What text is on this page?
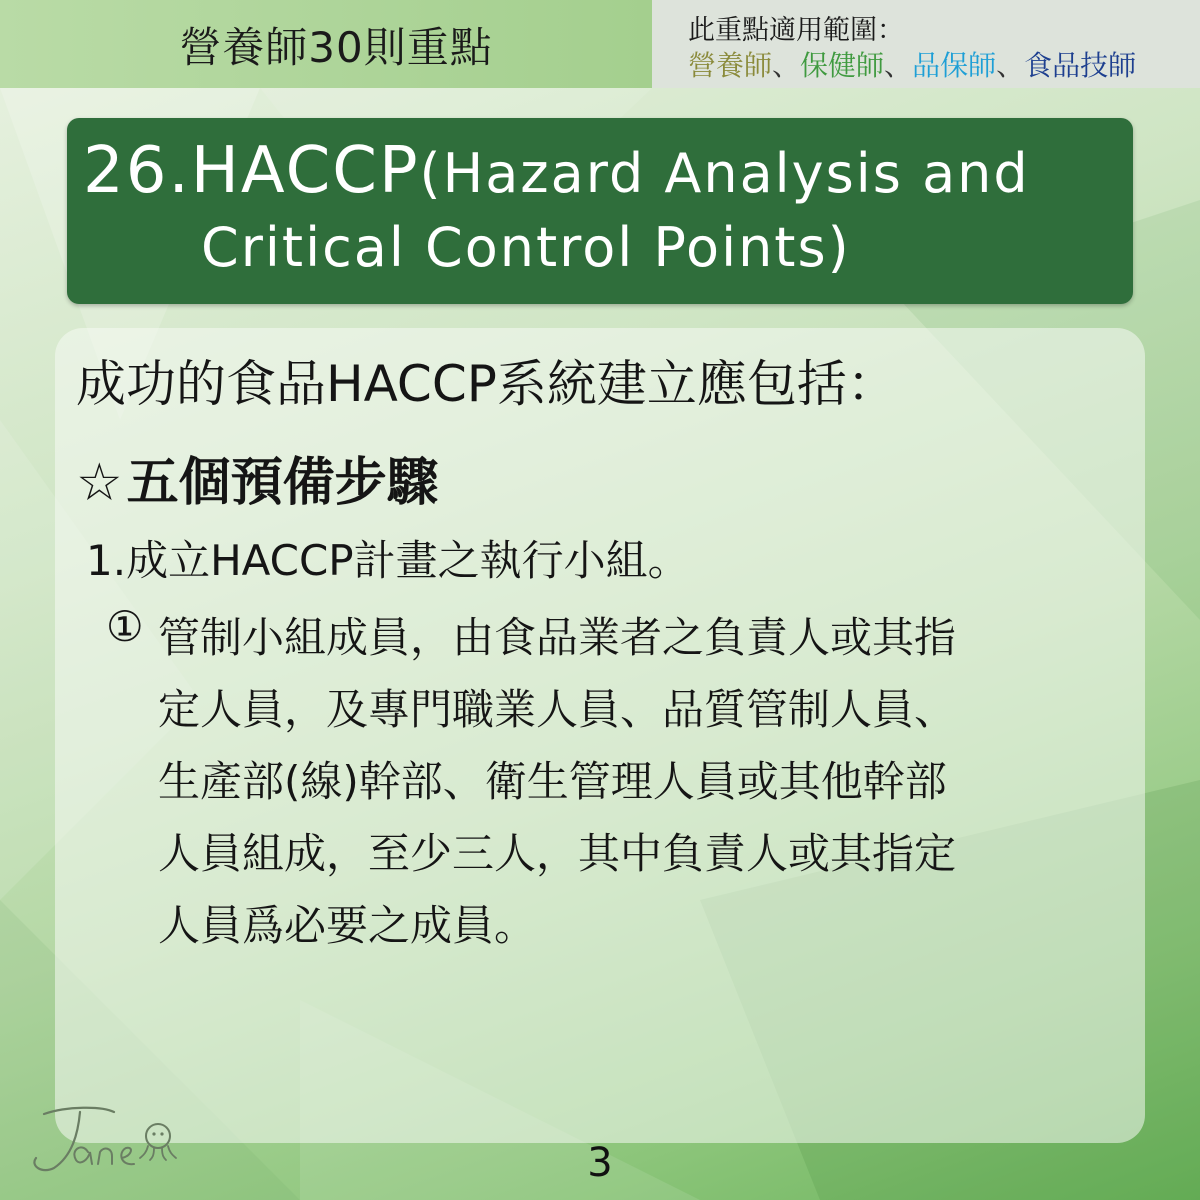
營養師30則重點	此重點適用範圍：
營養師、保健師、品保師、食品技師
26.HACCP(Hazard Analysis and
Critical Control Points)
成功的食品HACCP系統建立應包括：
☆五個預備步驟
1.成立HACCP計畫之執行小組。
① 管制小組成員，由食品業者之負責人或其指
定人員，及專門職業人員、品質管制人員、
生產部(線)幹部、衛生管理人員或其他幹部
人員組成，至少三人，其中負責人或其指定
人員爲必要之成員。
3
